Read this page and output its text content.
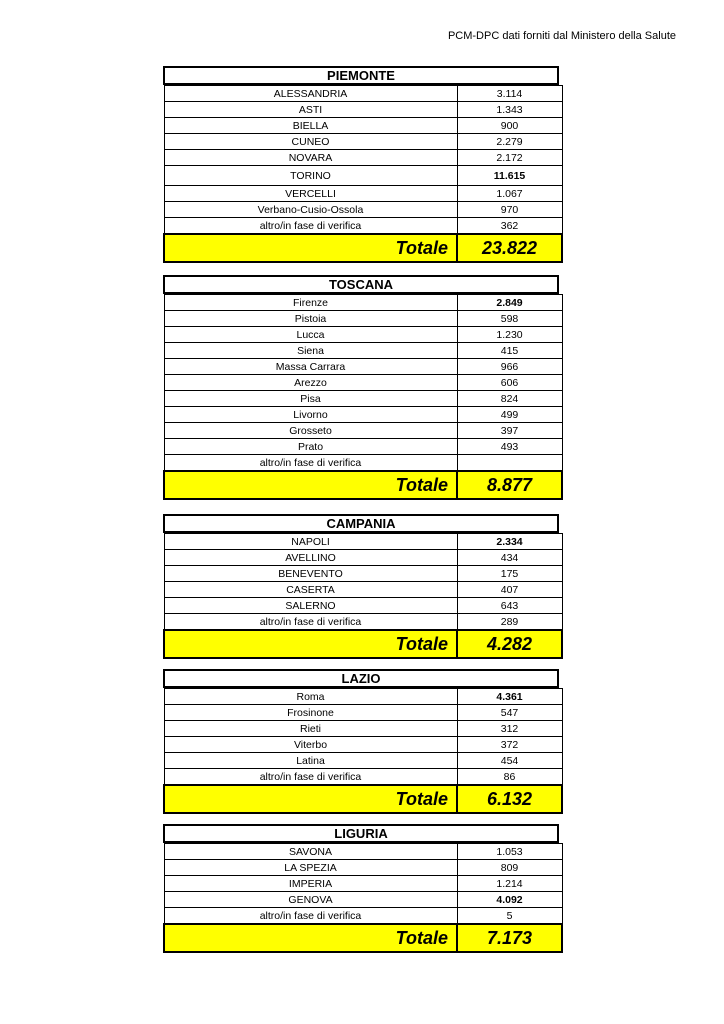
PCM-DPC dati forniti dal Ministero della Salute
PIEMONTE
ALESSANDRIA	3.114
ASTI	1.343
BIELLA	900
CUNEO	2.279
NOVARA	2.172
TORINO	11.615
VERCELLI	1.067
Verbano-Cusio-Ossola	970
altro/in fase di verifica	362
Totale	23.822
TOSCANA
Firenze	2.849
Pistoia	598
Lucca	1.230
Siena	415
Massa Carrara	966
Arezzo	606
Pisa	824
Livorno	499
Grosseto	397
Prato	493
altro/in fase di verifica	
Totale	8.877
CAMPANIA
NAPOLI	2.334
AVELLINO	434
BENEVENTO	175
CASERTA	407
SALERNO	643
altro/in fase di verifica	289
Totale	4.282
LAZIO
Roma	4.361
Frosinone	547
Rieti	312
Viterbo	372
Latina	454
altro/in fase di verifica	86
Totale	6.132
LIGURIA
SAVONA	1.053
LA SPEZIA	809
IMPERIA	1.214
GENOVA	4.092
altro/in fase di verifica	5
Totale	7.173
